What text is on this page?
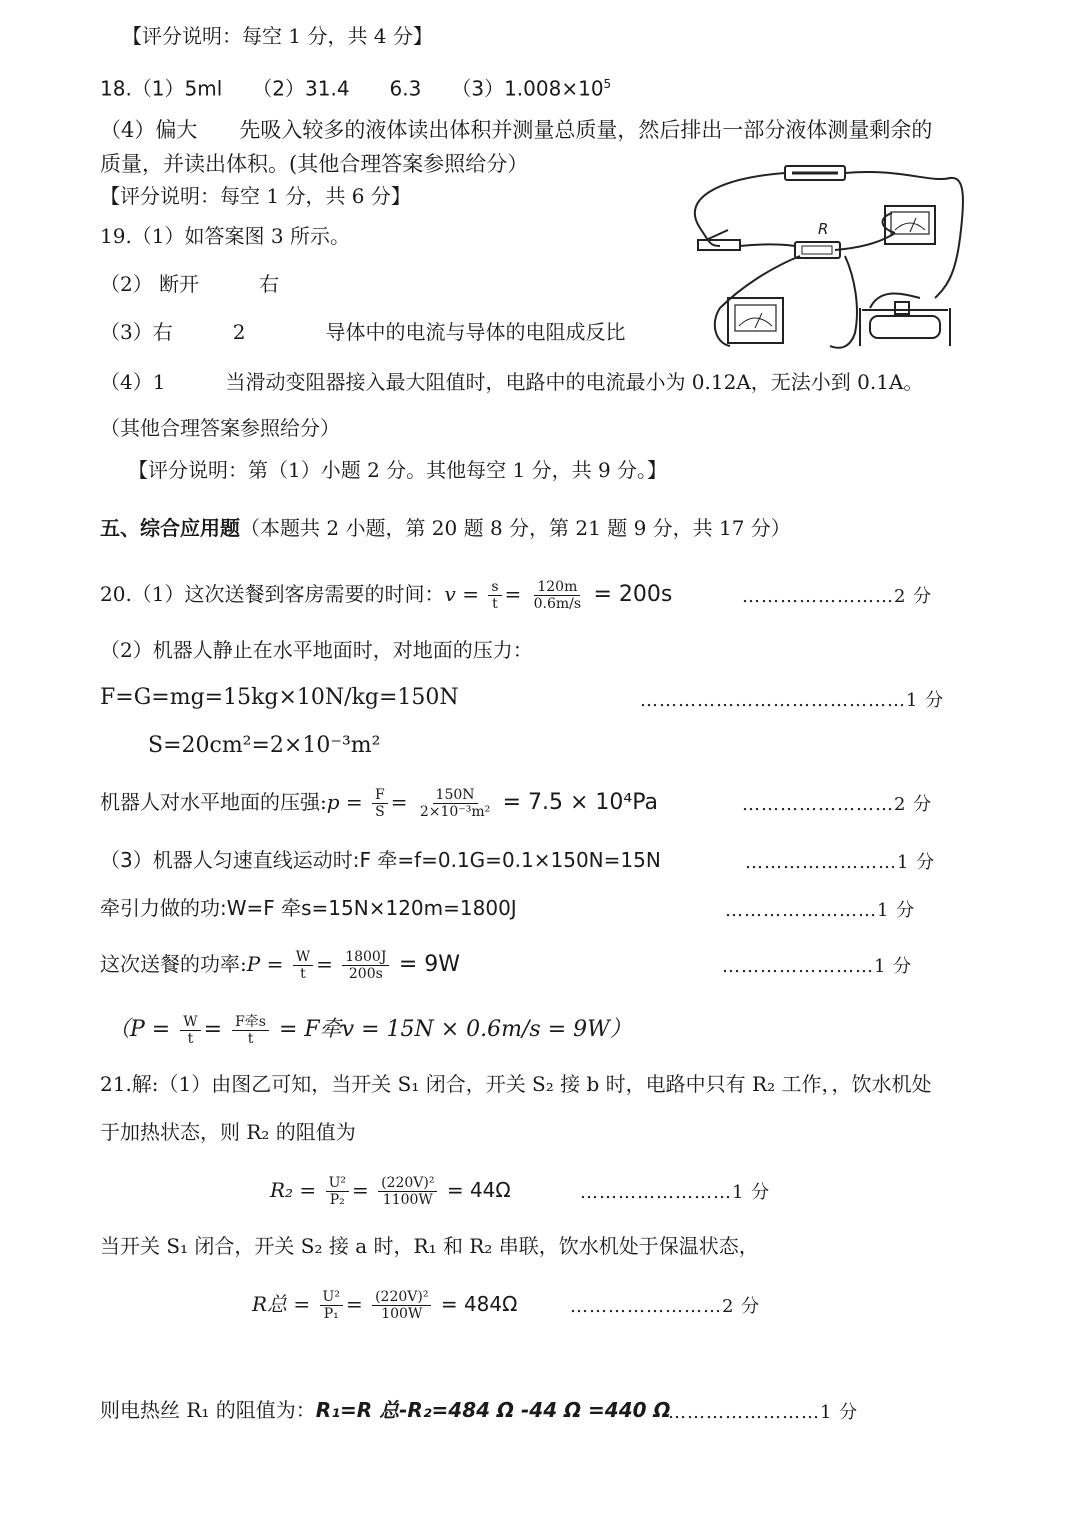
【评分说明：每空 1 分，共 4 分】
18.（1）5ml　　（2）31.4　　6.3　　$(3)1.008\times 10^5$
（4）偏大　　先吸入较多的液体读出体积并测量总质量，然后排出一部分液体测量剩余的
质量，并读出体积。(其他合理答案参照给分）
【评分说明：每空 1 分，共 6 分】
19.（1）如答案图 3 所示。
（2） 断开　　　右
（3）右　　　2　　　　导体中的电流与导体的电阻成反比
（4）1　　　当滑动变阻器接入最大阻值时，电路中的电流最小为 0.12A，无法小到 0.1A。
（其他合理答案参照给分）
【评分说明：第（1）小题 2 分。其他每空 1 分，共 9 分。】
R
五、综合应用题（本题共 2 小题，第 20 题 8 分，第 21 题 9 分，共 17 分）
20.（1）这次送餐到客房需要的时间：$v = \frac{s}{t} = \frac{120m}{0.6m/s} = 200s$	……………………2 分
（2）机器人静止在水平地面时，对地面的压力：
F=G=mg=15kg×10N/kg=150N	……………………………………1 分
S=20cm²=2×10⁻³m²
机器人对水平地面的压强:p = $\frac{F}{S} = \frac{150N}{\text{2×10⁻³m²}} = 7.5 \times 10^4Pa$	……………………2 分
（3）机器人匀速直线运动时:F 牵=f=0.1G=0.1×150N=15N	……………………1 分
牵引力做的功:W=F 牵s=15N×120m=1800J	……………………1 分
这次送餐的功率:P = $\frac{W}{t} = \frac{1800J}{200s} = 9W$	……………………1 分
（$P = \frac{W}{t} = \frac{\text{F牵s}}{t} = F$牵v = 15N × 0.6m/s = 9W）
21.解:（1）由图乙可知，当开关 S₁ 闭合，开关 S₂ 接 b 时，电路中只有 R₂ 工作，，饮水机处
于加热状态，则 R₂ 的阻值为
$R_2 = \frac{\text{U²}}{\text{P₂}} = \frac{\text{(220V)²}}{1100W} = 44\Omega$	……………………1 分
当开关 S₁ 闭合，开关 S₂ 接 a 时，R₁ 和 R₂ 串联，饮水机处于保温状态，
R总 = $\frac{\text{U²}}{\text{P₁}} = \frac{\text{(220V)²}}{100W} = 484\Omega$	……………………2 分
则电热丝 R₁ 的阻值为：R₁=R 总-R₂=484 Ω -44 Ω =440 Ω
……………………1 分
